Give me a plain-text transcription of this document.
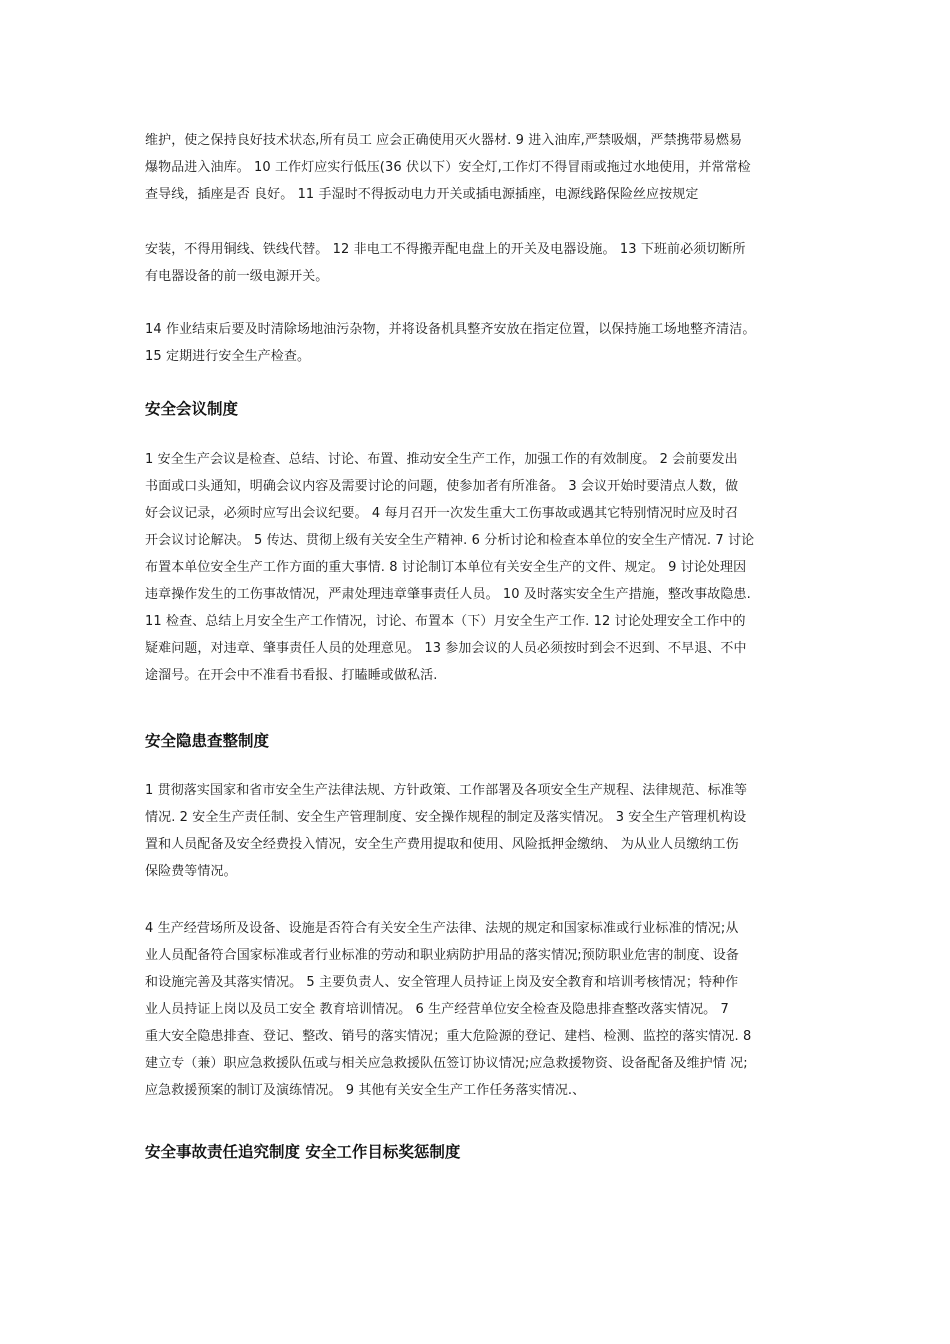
维护，使之保持良好技术状态,所有员工 应会正确使用灭火器材. 9 进入油库,严禁吸烟，严禁携带易燃易
爆物品进入油库。 10 工作灯应实行低压(36 伏以下）安全灯,工作灯不得冒雨或拖过水地使用，并常常检
查导线，插座是否 良好。 11 手湿时不得扳动电力开关或插电源插座，电源线路保险丝应按规定
安装，不得用铜线、铁线代替。 12 非电工不得搬弄配电盘上的开关及电器设施。 13 下班前必须切断所
有电器设备的前一级电源开关。
14 作业结束后要及时清除场地油污杂物，并将设备机具整齐安放在指定位置，以保持施工场地整齐清洁。
15 定期进行安全生产检查。
安全会议制度
1 安全生产会议是检查、总结、讨论、布置、推动安全生产工作，加强工作的有效制度。 2 会前要发出
书面或口头通知，明确会议内容及需要讨论的问题，使参加者有所准备。 3 会议开始时要清点人数，做
好会议记录，必须时应写出会议纪要。 4 每月召开一次发生重大工伤事故或遇其它特别情况时应及时召
开会议讨论解决。 5 传达、贯彻上级有关安全生产精神. 6 分析讨论和检查本单位的安全生产情况. 7 讨论
布置本单位安全生产工作方面的重大事情. 8 讨论制订本单位有关安全生产的文件、规定。 9 讨论处理因
违章操作发生的工伤事故情况，严肃处理违章肇事责任人员。 10 及时落实安全生产措施，整改事故隐患.
11 检查、总结上月安全生产工作情况，讨论、布置本（下）月安全生产工作. 12 讨论处理安全工作中的
疑难问题，对违章、肇事责任人员的处理意见。 13 参加会议的人员必须按时到会不迟到、不早退、不中
途溜号。在开会中不准看书看报、打瞌睡或做私活.
安全隐患查整制度
1 贯彻落实国家和省市安全生产法律法规、方针政策、工作部署及各项安全生产规程、法律规范、标准等
情况. 2 安全生产责任制、安全生产管理制度、安全操作规程的制定及落实情况。 3 安全生产管理机构设
置和人员配备及安全经费投入情况，安全生产费用提取和使用、风险抵押金缴纳、 为从业人员缴纳工伤
保险费等情况。
4 生产经营场所及设备、设施是否符合有关安全生产法律、法规的规定和国家标准或行业标准的情况;从
业人员配备符合国家标准或者行业标准的劳动和职业病防护用品的落实情况;预防职业危害的制度、设备
和设施完善及其落实情况。 5 主要负责人、安全管理人员持证上岗及安全教育和培训考核情况；特种作
业人员持证上岗以及员工安全 教育培训情况。 6 生产经营单位安全检查及隐患排查整改落实情况。 7
重大安全隐患排查、登记、整改、销号的落实情况；重大危险源的登记、建档、检测、监控的落实情况. 8
建立专（兼）职应急救援队伍或与相关应急救援队伍签订协议情况;应急救援物资、设备配备及维护情 况;
应急救援预案的制订及演练情况。 9 其他有关安全生产工作任务落实情况.、
安全事故责任追究制度 安全工作目标奖惩制度
